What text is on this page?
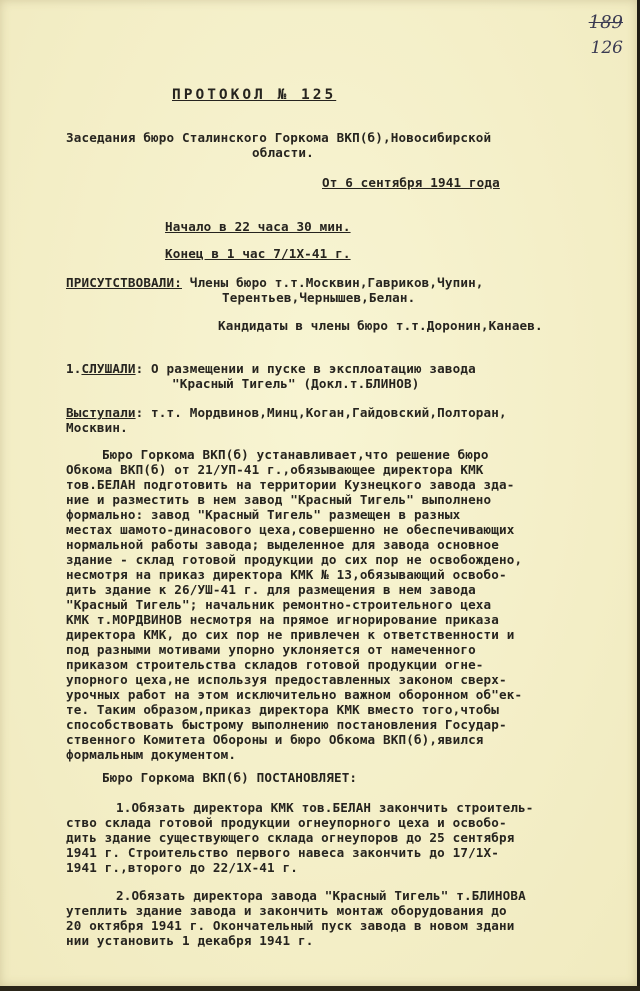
189
126
ПРОТОКОЛ № 125
Заседания бюро Сталинского Горкома ВКП(б),Новосибирской
области.
От 6 сентября 1941 года
Начало в 22 часа 30 мин.
Конец в 1 час 7/1Х-41 г.
ПРИСУТСТВОВАЛИ: Члены бюро т.т.Москвин,Гавриков,Чупин,
Терентьев,Чернышев,Белан.
Кандидаты в члены бюро т.т.Доронин,Канаев.
1.СЛУШАЛИ: О размещении и пуске в эксплоатацию завода
"Красный Тигель" (Докл.т.БЛИНОВ)
Выступали: т.т. Мордвинов,Минц,Коган,Гайдовский,Полторан,
Москвин.
Бюро Горкома ВКП(б) устанавливает,что решение бюро
Обкома ВКП(б) от 21/УП-41 г.,обязывающее директора КМК
тов.БЕЛАН подготовить на территории Кузнецкого завода зда-
ние и разместить в нем завод "Красный Тигель" выполнено
формально: завод "Красный Тигель" размещен в разных
местах шамото-динасового цеха,совершенно не обеспечивающих
нормальной работы завода; выделенное для завода основное
здание - склад готовой продукции до сих пор не освобождено,
несмотря на приказ директора КМК № 13,обязывающий освобо-
дить здание к 26/УШ-41 г. для размещения в нем завода
"Красный Тигель"; начальник ремонтно-строительного цеха
КМК т.МОРДВИНОВ несмотря на прямое игнорирование приказа
директора КМК, до сих пор не привлечен к ответственности и
под разными мотивами упорно уклоняется от намеченного
приказом строительства складов готовой продукции огне-
упорного цеха,не используя предоставленных законом сверх-
урочных работ на этом исключительно важном оборонном об"ек-
те. Таким образом,приказ директора КМК вместо того,чтобы
способствовать быстрому выполнению постановления Государ-
ственного Комитета Обороны и бюро Обкома ВКП(б),явился
формальным документом.
Бюро Горкома ВКП(б) ПОСТАНОВЛЯЕТ:
1.Обязать директора КМК тов.БЕЛАН закончить строитель-
ство склада готовой продукции огнеупорного цеха и освобо-
дить здание существующего склада огнеупоров до 25 сентября
1941 г. Строительство первого навеса закончить до 17/1Х-
1941 г.,второго до 22/1Х-41 г.
2.Обязать директора завода "Красный Тигель" т.БЛИНОВА
утеплить здание завода и закончить монтаж оборудования до
20 октября 1941 г. Окончательный пуск завода в новом здани
нии установить 1 декабря 1941 г.
